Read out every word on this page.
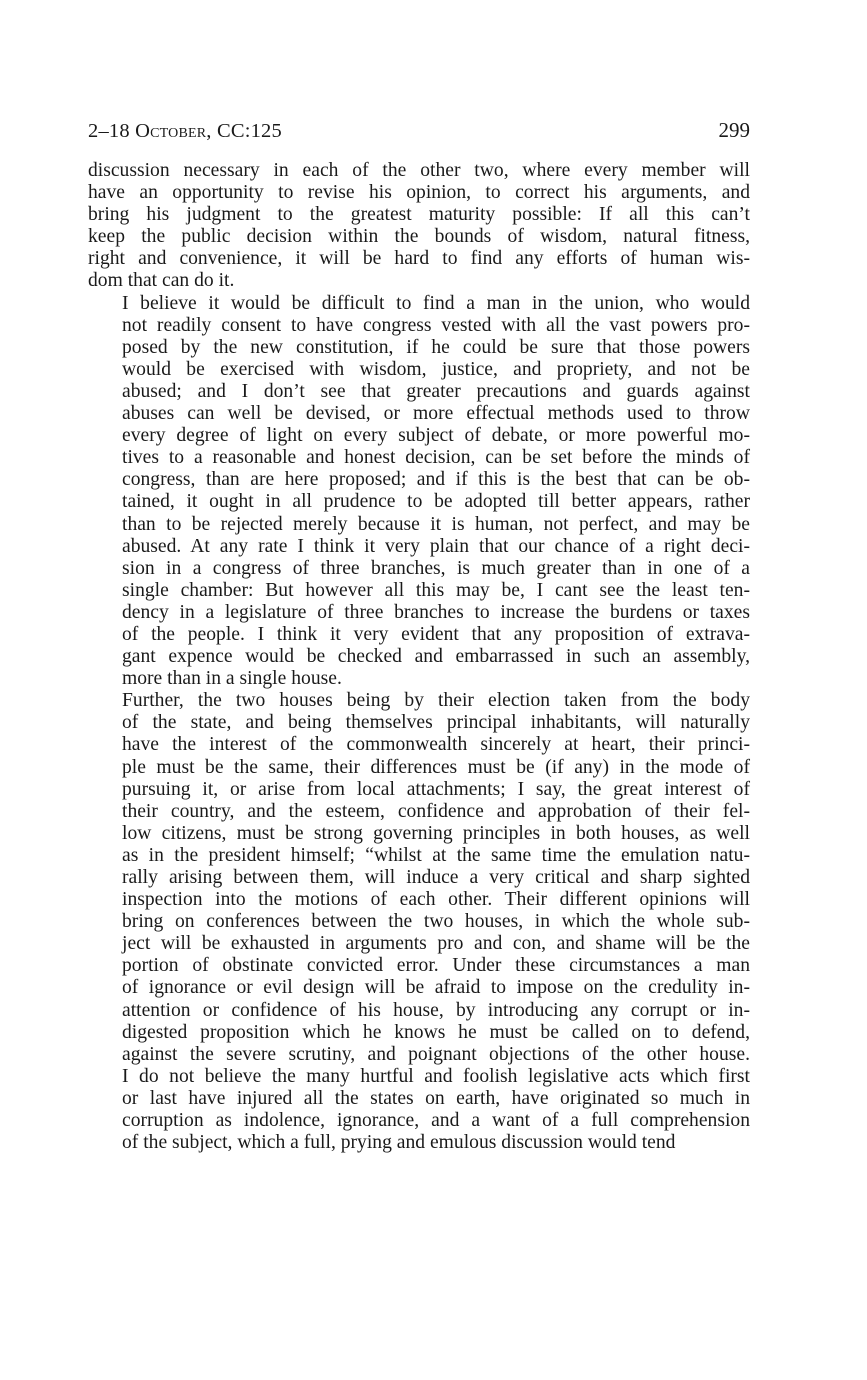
2–18 October, CC:125	299

discussion necessary in each of the other two, where every member will
have an opportunity to revise his opinion, to correct his arguments, and
bring his judgment to the greatest maturity possible: If all this can’t
keep the public decision within the bounds of wisdom, natural fitness,
right and convenience, it will be hard to find any efforts of human wis-
dom that can do it.

I believe it would be difficult to find a man in the union, who would
not readily consent to have congress vested with all the vast powers pro-
posed by the new constitution, if he could be sure that those powers
would be exercised with wisdom, justice, and propriety, and not be
abused; and I don’t see that greater precautions and guards against
abuses can well be devised, or more effectual methods used to throw
every degree of light on every subject of debate, or more powerful mo-
tives to a reasonable and honest decision, can be set before the minds of
congress, than are here proposed; and if this is the best that can be ob-
tained, it ought in all prudence to be adopted till better appears, rather
than to be rejected merely because it is human, not perfect, and may be
abused. At any rate I think it very plain that our chance of a right deci-
sion in a congress of three branches, is much greater than in one of a
single chamber: But however all this may be, I cant see the least ten-
dency in a legislature of three branches to increase the burdens or taxes
of the people. I think it very evident that any proposition of extrava-
gant expence would be checked and embarrassed in such an assembly,
more than in a single house.

Further, the two houses being by their election taken from the body
of the state, and being themselves principal inhabitants, will naturally
have the interest of the commonwealth sincerely at heart, their princi-
ple must be the same, their differences must be (if any) in the mode of
pursuing it, or arise from local attachments; I say, the great interest of
their country, and the esteem, confidence and approbation of their fel-
low citizens, must be strong governing principles in both houses, as well
as in the president himself; “whilst at the same time the emulation natu-
rally arising between them, will induce a very critical and sharp sighted
inspection into the motions of each other. Their different opinions will
bring on conferences between the two houses, in which the whole sub-
ject will be exhausted in arguments pro and con, and shame will be the
portion of obstinate convicted error. Under these circumstances a man
of ignorance or evil design will be afraid to impose on the credulity in-
attention or confidence of his house, by introducing any corrupt or in-
digested proposition which he knows he must be called on to defend,
against the severe scrutiny, and poignant objections of the other house.
I do not believe the many hurtful and foolish legislative acts which first
or last have injured all the states on earth, have originated so much in
corruption as indolence, ignorance, and a want of a full comprehension
of the subject, which a full, prying and emulous discussion would tend
